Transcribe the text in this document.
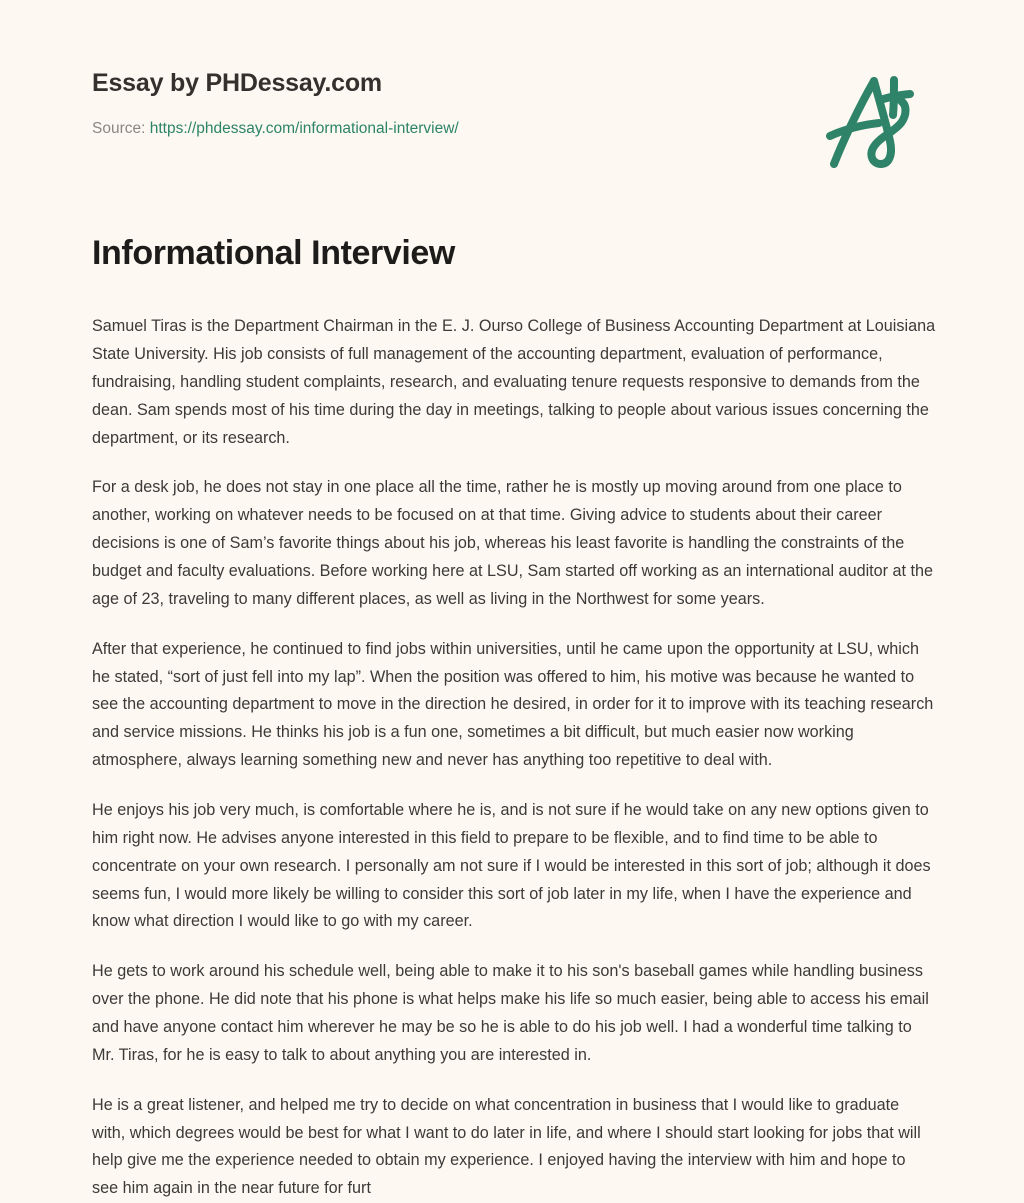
Essay by PHDessay.com
Source: https://phdessay.com/informational-interview/
Informational Interview

Samuel Tiras is the Department Chairman in the E. J. Ourso College of Business Accounting Department at Louisiana State University. His job consists of full management of the accounting department, evaluation of performance, fundraising, handling student complaints, research, and evaluating tenure requests responsive to demands from the dean. Sam spends most of his time during the day in meetings, talking to people about various issues concerning the department, or its research.

For a desk job, he does not stay in one place all the time, rather he is mostly up moving around from one place to another, working on whatever needs to be focused on at that time. Giving advice to students about their career decisions is one of Sam’s favorite things about his job, whereas his least favorite is handling the constraints of the budget and faculty evaluations. Before working here at LSU, Sam started off working as an international auditor at the age of 23, traveling to many different places, as well as living in the Northwest for some years.

After that experience, he continued to find jobs within universities, until he came upon the opportunity at LSU, which he stated, “sort of just fell into my lap”. When the position was offered to him, his motive was because he wanted to see the accounting department to move in the direction he desired, in order for it to improve with its teaching research and service missions. He thinks his job is a fun one, sometimes a bit difficult, but much easier now working atmosphere, always learning something new and never has anything too repetitive to deal with.

He enjoys his job very much, is comfortable where he is, and is not sure if he would take on any new options given to him right now. He advises anyone interested in this field to prepare to be flexible, and to find time to be able to concentrate on your own research. I personally am not sure if I would be interested in this sort of job; although it does seems fun, I would more likely be willing to consider this sort of job later in my life, when I have the experience and know what direction I would like to go with my career.

He gets to work around his schedule well, being able to make it to his son's baseball games while handling business over the phone. He did note that his phone is what helps make his life so much easier, being able to access his email and have anyone contact him wherever he may be so he is able to do his job well. I had a wonderful time talking to Mr. Tiras, for he is easy to talk to about anything you are interested in.

He is a great listener, and helped me try to decide on what concentration in business that I would like to graduate with, which degrees would be best for what I want to do later in life, and where I should start looking for jobs that will help give me the experience needed to obtain my experience. I enjoyed having the interview with him and hope to see him again in the near future for furt
